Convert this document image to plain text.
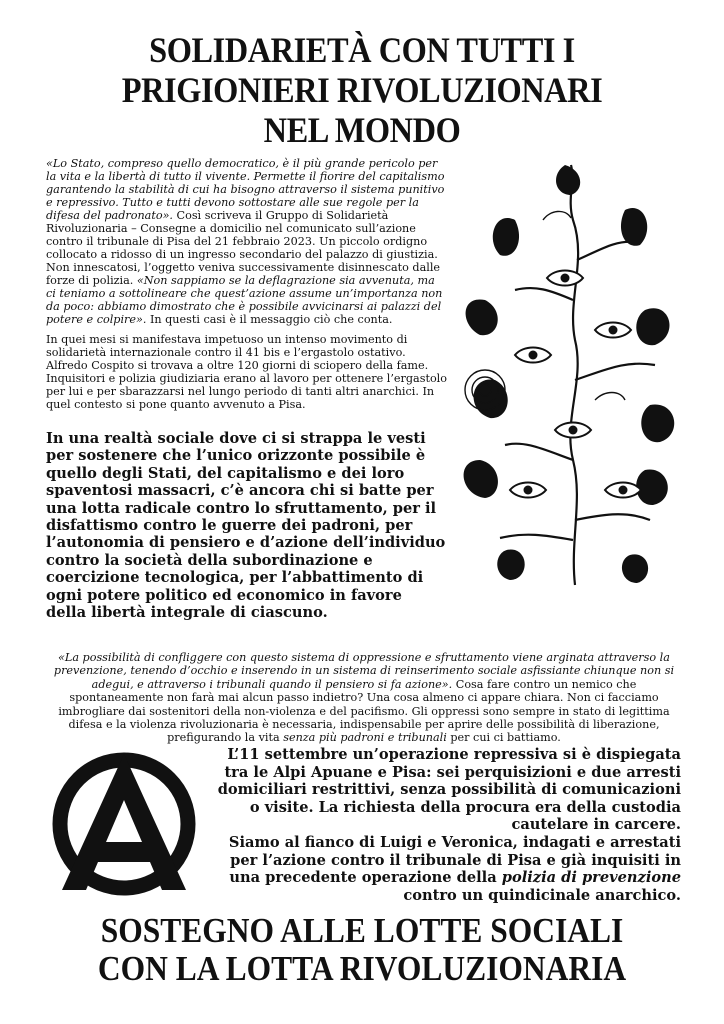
SOLIDARIETÀ CON TUTTI I
PRIGIONIERI RIVOLUZIONARI
NEL MONDO

«Lo Stato, compreso quello democratico, è il più grande pericolo per la vita e la libertà di tutto il vivente. Permette il fiorire del capitalismo garantendo la stabilità di cui ha bisogno attraverso il sistema punitivo e repressivo. Tutto e tutti devono sottostare alle sue regole per la difesa del padronato». Così scriveva il Gruppo di Solidarietà Rivoluzionaria – Consegne a domicilio nel comunicato sull’azione contro il tribunale di Pisa del 21 febbraio 2023. Un piccolo ordigno collocato a ridosso di un ingresso secondario del palazzo di giustizia. Non innescatosi, l’oggetto veniva successivamente disinnescato dalle forze di polizia. «Non sappiamo se la deflagrazione sia avvenuta, ma ci teniamo a sottolineare che quest’azione assume un’importanza non da poco: abbiamo dimostrato che è possibile avvicinarsi ai palazzi del potere e colpire». In questi casi è il messaggio ciò che conta.

In quei mesi si manifestava impetuoso un intenso movimento di solidarietà internazionale contro il 41 bis e l’ergastolo ostativo. Alfredo Cospito si trovava a oltre 120 giorni di sciopero della fame. Inquisitori e polizia giudiziaria erano al lavoro per ottenere l’ergastolo per lui e per sbarazzarsi nel lungo periodo di tanti altri anarchici. In quel contesto si pone quanto avvenuto a Pisa.

In una realtà sociale dove ci si strappa le vesti per sostenere che l’unico orizzonte possibile è quello degli Stati, del capitalismo e dei loro spaventosi massacri, c’è ancora chi si batte per una lotta radicale contro lo sfruttamento, per il disfattismo contro le guerre dei padroni, per l’autonomia di pensiero e d’azione dell’individuo contro la società della subordinazione e coercizione tecnologica, per l’abbattimento di ogni potere politico ed economico in favore della libertà integrale di ciascuno.
«La possibilità di confliggere con questo sistema di oppressione e sfruttamento viene arginata attraverso la prevenzione, tenendo d’occhio e inserendo in un sistema di reinserimento sociale asfissiante chiunque non si adegui, e attraverso i tribunali quando il pensiero si fa azione». Cosa fare contro un nemico che spontaneamente non farà mai alcun passo indietro? Una cosa almeno ci appare chiara. Non ci facciamo imbrogliare dai sostenitori della non-violenza e del pacifismo. Gli oppressi sono sempre in stato di legittima difesa e la violenza rivoluzionaria è necessaria, indispensabile per aprire delle possibilità di liberazione, prefigurando la vita senza più padroni e tribunali per cui ci battiamo.

L’11 settembre un’operazione repressiva si è dispiegata tra le Alpi Apuane e Pisa: sei perquisizioni e due arresti domiciliari restrittivi, senza possibilità di comunicazioni o visite. La richiesta della procura era della custodia cautelare in carcere.

Siamo al fianco di Luigi e Veronica, indagati e arrestati per l’azione contro il tribunale di Pisa e già inquisiti in una precedente operazione della polizia di prevenzione contro un quindicinale anarchico.

SOSTEGNO ALLE LOTTE SOCIALI
CON LA LOTTA RIVOLUZIONARIA
